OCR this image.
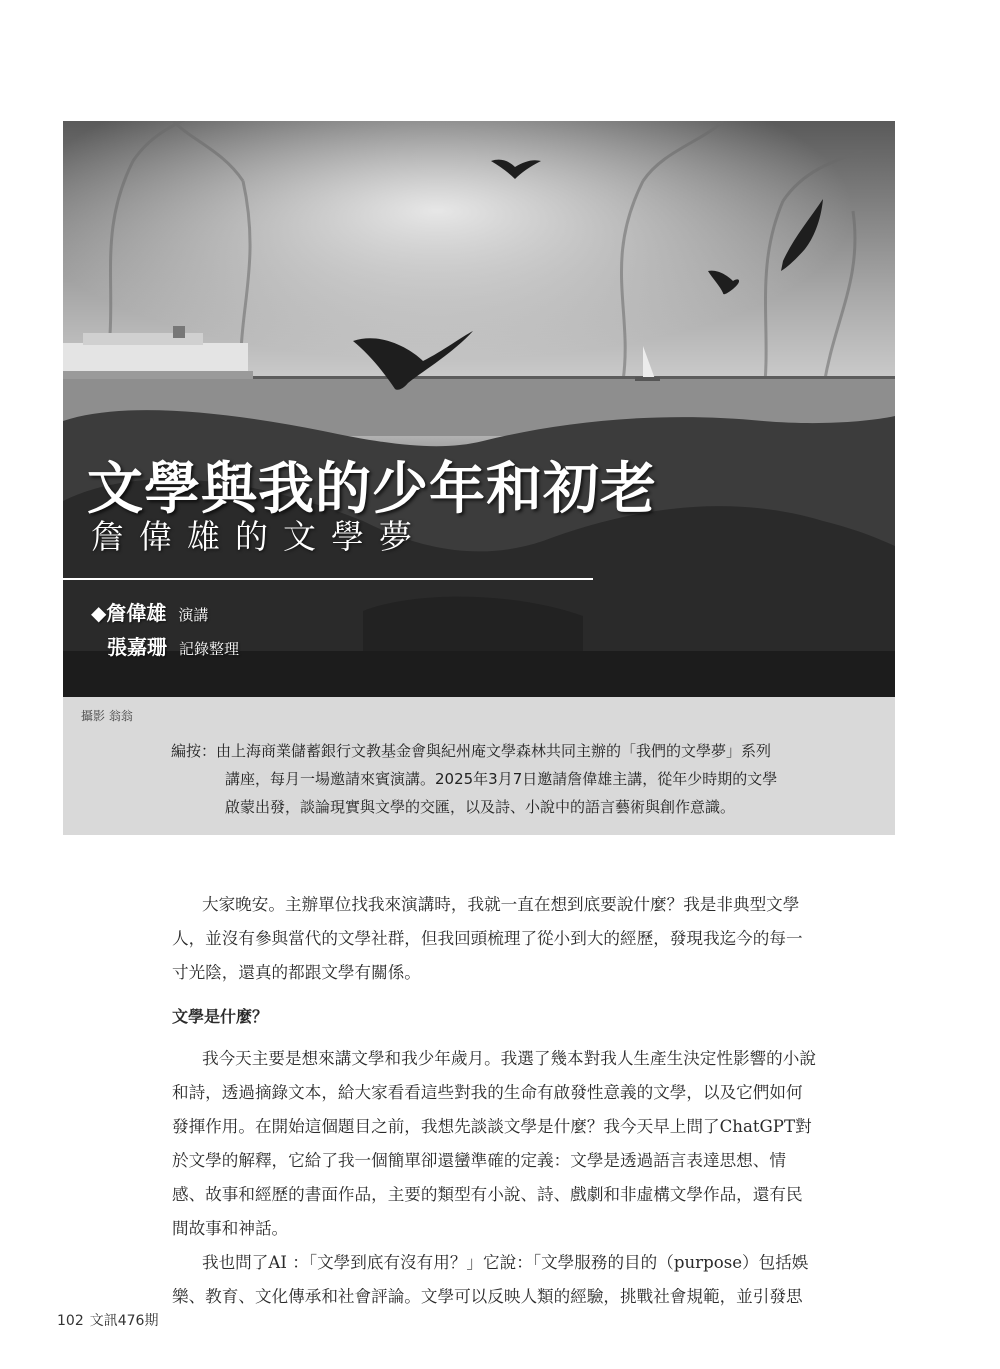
文學與我的少年和初老
詹偉雄的文學夢
◆詹偉雄 演講
張嘉珊 記錄整理
攝影 翁翁
編按：由上海商業儲蓄銀行文教基金會與紀州庵文學森林共同主辦的「我們的文學夢」系列
講座，每月一場邀請來賓演講。2025年3月7日邀請詹偉雄主講，從年少時期的文學
啟蒙出發，談論現實與文學的交匯，以及詩、小說中的語言藝術與創作意識。
大家晚安。主辦單位找我來演講時，我就一直在想到底要說什麼？我是非典型文學
人，並沒有參與當代的文學社群，但我回頭梳理了從小到大的經歷，發現我迄今的每一
寸光陰，還真的都跟文學有關係。
文學是什麼？
我今天主要是想來講文學和我少年歲月。我選了幾本對我人生產生決定性影響的小說
和詩，透過摘錄文本，給大家看看這些對我的生命有啟發性意義的文學，以及它們如何
發揮作用。在開始這個題目之前，我想先談談文學是什麼？我今天早上問了ChatGPT對
於文學的解釋，它給了我一個簡單卻還蠻準確的定義：文學是透過語言表達思想、情
感、故事和經歷的書面作品，主要的類型有小說、詩、戲劇和非虛構文學作品，還有民
間故事和神話。
我也問了AI ：「文學到底有沒有用？」它說：「文學服務的目的（purpose）包括娛
樂、教育、文化傳承和社會評論。文學可以反映人類的經驗，挑戰社會規範，並引發思
102 文訊476期
